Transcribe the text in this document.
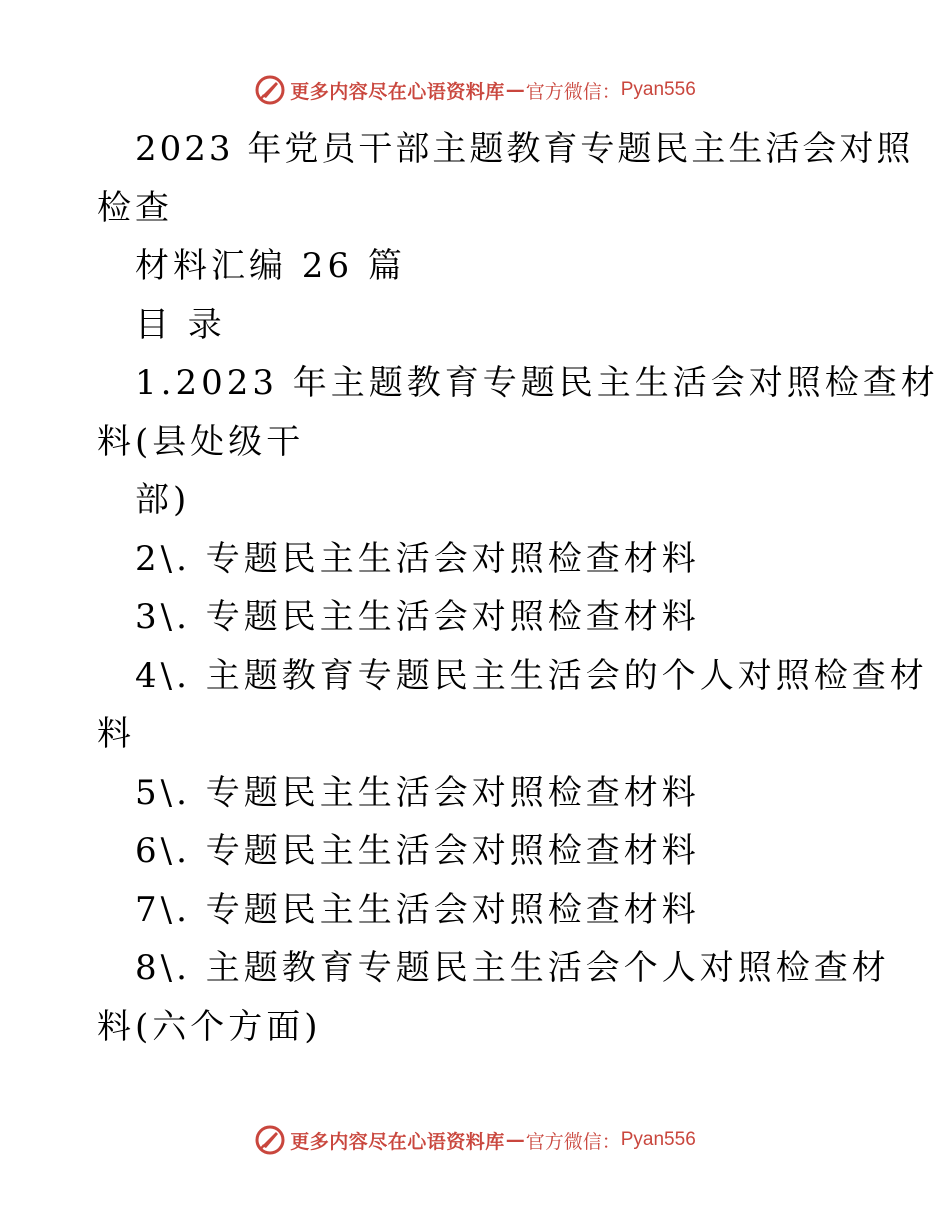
更多内容尽在心语资料库 — 官方微信： Pyan556
2023 年党员干部主题教育专题民主生活会对照
检查
材料汇编 26 篇
目 录
1.2023 年主题教育专题民主生活会对照检查材
料(县处级干
部)
2\. 专题民主生活会对照检查材料
3\. 专题民主生活会对照检查材料
4\. 主题教育专题民主生活会的个人对照检查材
料
5\. 专题民主生活会对照检查材料
6\. 专题民主生活会对照检查材料
7\. 专题民主生活会对照检查材料
8\. 主题教育专题民主生活会个人对照检查材
料(六个方面)
更多内容尽在心语资料库 — 官方微信： Pyan556
